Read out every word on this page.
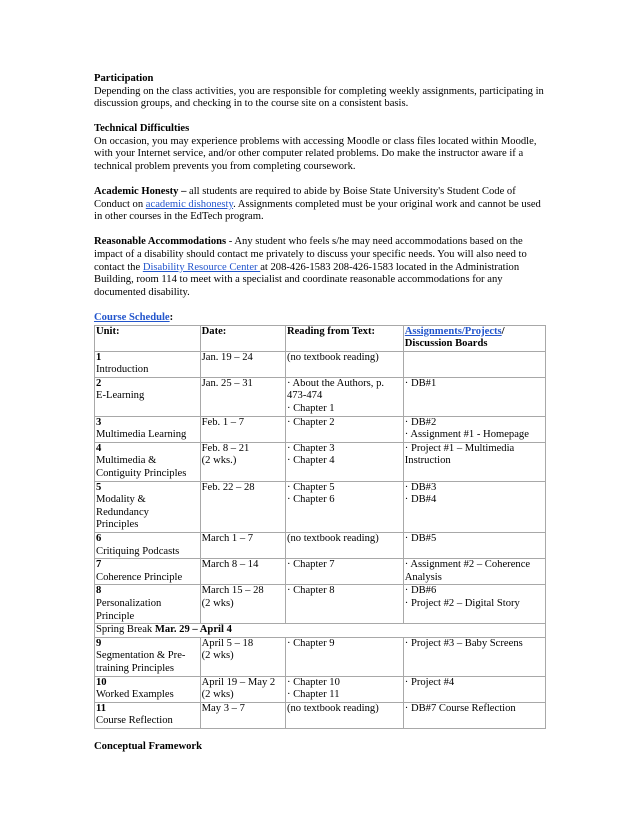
Participation
Depending on the class activities, you are responsible for completing weekly assignments, participating in discussion groups, and checking in to the course site on a consistent basis.
Technical Difficulties
On occasion, you may experience problems with accessing Moodle or class files located within Moodle, with your Internet service, and/or other computer related problems. Do make the instructor aware if a technical problem prevents you from completing coursework.
Academic Honesty – all students are required to abide by Boise State University's Student Code of Conduct on academic dishonesty. Assignments completed must be your original work and cannot be used in other courses in the EdTech program.
Reasonable Accommodations - Any student who feels s/he may need accommodations based on the impact of a disability should contact me privately to discuss your specific needs. You will also need to contact the Disability Resource Center at 208-426-1583 208-426-1583 located in the Administration Building, room 114 to meet with a specialist and coordinate reasonable accommodations for any documented disability.
Course Schedule:
Unit:	Date:	Reading from Text:	Assignments/Projects/
Discussion Boards

1
Introduction	Jan. 19 – 24	(no textbook reading)	

2
E-Learning	Jan. 25 – 31	· About the Authors, p.
473-474
· Chapter 1	· DB#1

3
Multimedia Learning	Feb. 1 – 7	· Chapter 2	· DB#2
· Assignment #1 - Homepage

4
Multimedia &
Contiguity Principles	Feb. 8 – 21
(2 wks.)	· Chapter 3
· Chapter 4	· Project #1 – Multimedia
Instruction

5
Modality & Redundancy
Principles	Feb. 22 – 28	· Chapter 5
· Chapter 6	· DB#3
· DB#4

6
Critiquing Podcasts	March 1 – 7	(no textbook reading)	· DB#5

7
Coherence Principle	March 8 – 14	· Chapter 7	· Assignment #2 – Coherence
Analysis

8
Personalization
Principle	March 15 – 28
(2 wks)	· Chapter 8	· DB#6
· Project #2 – Digital Story

Spring Break Mar. 29 – April 4			

9
Segmentation & Pre-
training Principles	April 5 – 18
(2 wks)	· Chapter 9	· Project #3 – Baby Screens

10
Worked Examples	April 19 – May 2
(2 wks)	· Chapter 10
· Chapter 11	· Project #4

11
Course Reflection	May 3 – 7	(no textbook reading)	· DB#7 Course Reflection
Conceptual Framework
